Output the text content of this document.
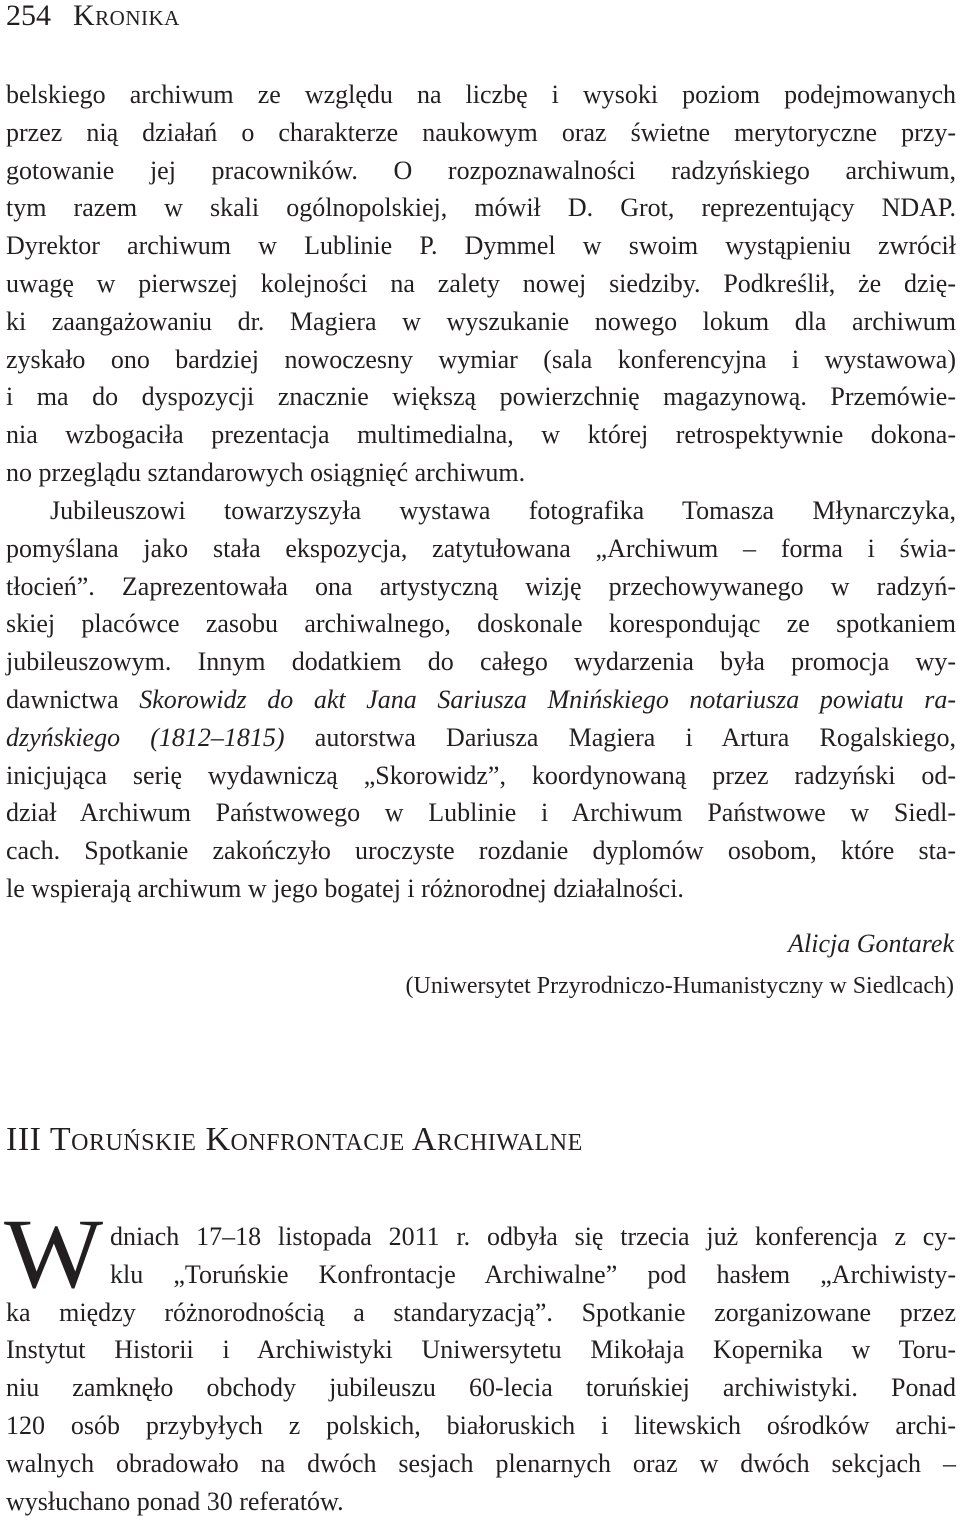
254 Kronika
belskiego archiwum ze względu na liczbę i wysoki poziom podejmowanych
przez nią działań o charakterze naukowym oraz świetne merytoryczne przy-
gotowanie jej pracowników. O rozpoznawalności radzyńskiego archiwum,
tym razem w skali ogólnopolskiej, mówił D. Grot, reprezentujący NDAP.
Dyrektor archiwum w Lublinie P. Dymmel w swoim wystąpieniu zwrócił
uwagę w pierwszej kolejności na zalety nowej siedziby. Podkreślił, że dzię-
ki zaangażowaniu dr. Magiera w wyszukanie nowego lokum dla archiwum
zyskało ono bardziej nowoczesny wymiar (sala konferencyjna i wystawowa)
i ma do dyspozycji znacznie większą powierzchnię magazynową. Przemówie-
nia wzbogaciła prezentacja multimedialna, w której retrospektywnie dokona-
no przeglądu sztandarowych osiągnięć archiwum.
Jubileuszowi towarzyszyła wystawa fotografika Tomasza Młynarczyka,
pomyślana jako stała ekspozycja, zatytułowana „Archiwum – forma i świa-
tłocień”. Zaprezentowała ona artystyczną wizję przechowywanego w radzyń-
skiej placówce zasobu archiwalnego, doskonale korespondując ze spotkaniem
jubileuszowym. Innym dodatkiem do całego wydarzenia była promocja wy-
dawnictwa Skorowidz do akt Jana Sariusza Mnińskiego notariusza powiatu ra-
dzyńskiego (1812–1815) autorstwa Dariusza Magiera i Artura Rogalskiego,
inicjująca serię wydawniczą „Skorowidz”, koordynowaną przez radzyński od-
dział Archiwum Państwowego w Lublinie i Archiwum Państwowe w Siedl-
cach. Spotkanie zakończyło uroczyste rozdanie dyplomów osobom, które sta-
le wspierają archiwum w jego bogatej i różnorodnej działalności.
Alicja Gontarek
(Uniwersytet Przyrodniczo-Humanistyczny w Siedlcach)
III Toruńskie Konfrontacje Archiwalne
W dniach 17–18 listopada 2011 r. odbyła się trzecia już konferencja z cy-
klu „Toruńskie Konfrontacje Archiwalne” pod hasłem „Archiwisty-
ka między różnorodnością a standaryzacją”. Spotkanie zorganizowane przez
Instytut Historii i Archiwistyki Uniwersytetu Mikołaja Kopernika w Toru-
niu zamknęło obchody jubileuszu 60-lecia toruńskiej archiwistyki. Ponad
120 osób przybyłych z polskich, białoruskich i litewskich ośrodków archi-
walnych obradowało na dwóch sesjach plenarnych oraz w dwóch sekcjach –
wysłuchano ponad 30 referatów.
